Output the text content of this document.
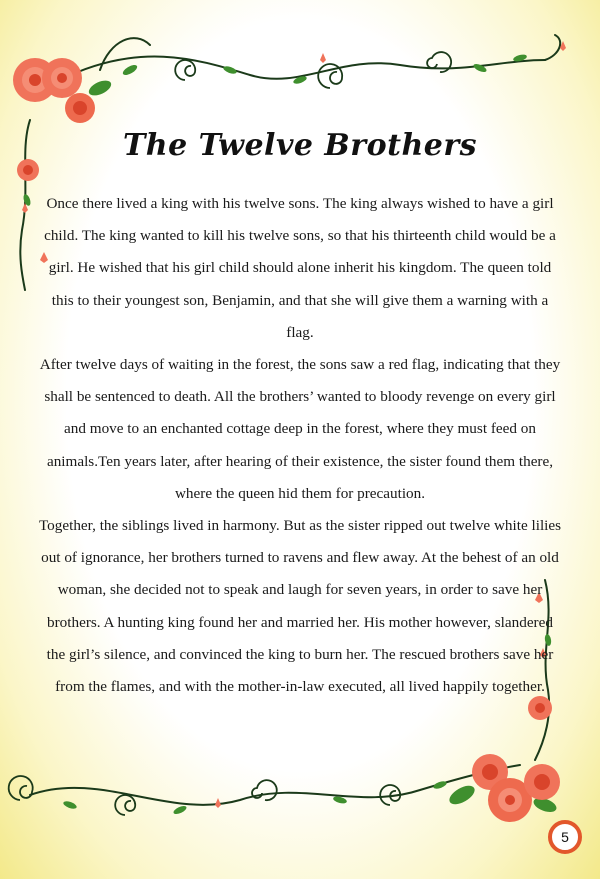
The Twelve Brothers

Once there lived a king with his twelve sons. The king always wished to have a girl child. The king wanted to kill his twelve sons, so that his thirteenth child would be a girl. He wished that his girl child should alone inherit his kingdom. The queen told this to their youngest son, Benjamin, and that she will give them a warning with a flag.

After twelve days of waiting in the forest, the sons saw a red flag, indicating that they shall be sentenced to death. All the brothers’ wanted to bloody revenge on every girl and move to an enchanted cottage deep in the forest, where they must feed on animals.Ten years later, after hearing of their existence, the sister found them there, where the queen hid them for precaution.

Together, the siblings lived in harmony. But as the sister ripped out twelve white lilies out of ignorance, her brothers turned to ravens and flew away. At the behest of an old woman, she decided not to speak and laugh for seven years, in order to save her brothers. A hunting king found her and married her. His mother however, slandered the girl’s silence, and convinced the king to burn her. The rescued brothers save her from the flames, and with the mother-in-law executed, all lived happily together.

5
